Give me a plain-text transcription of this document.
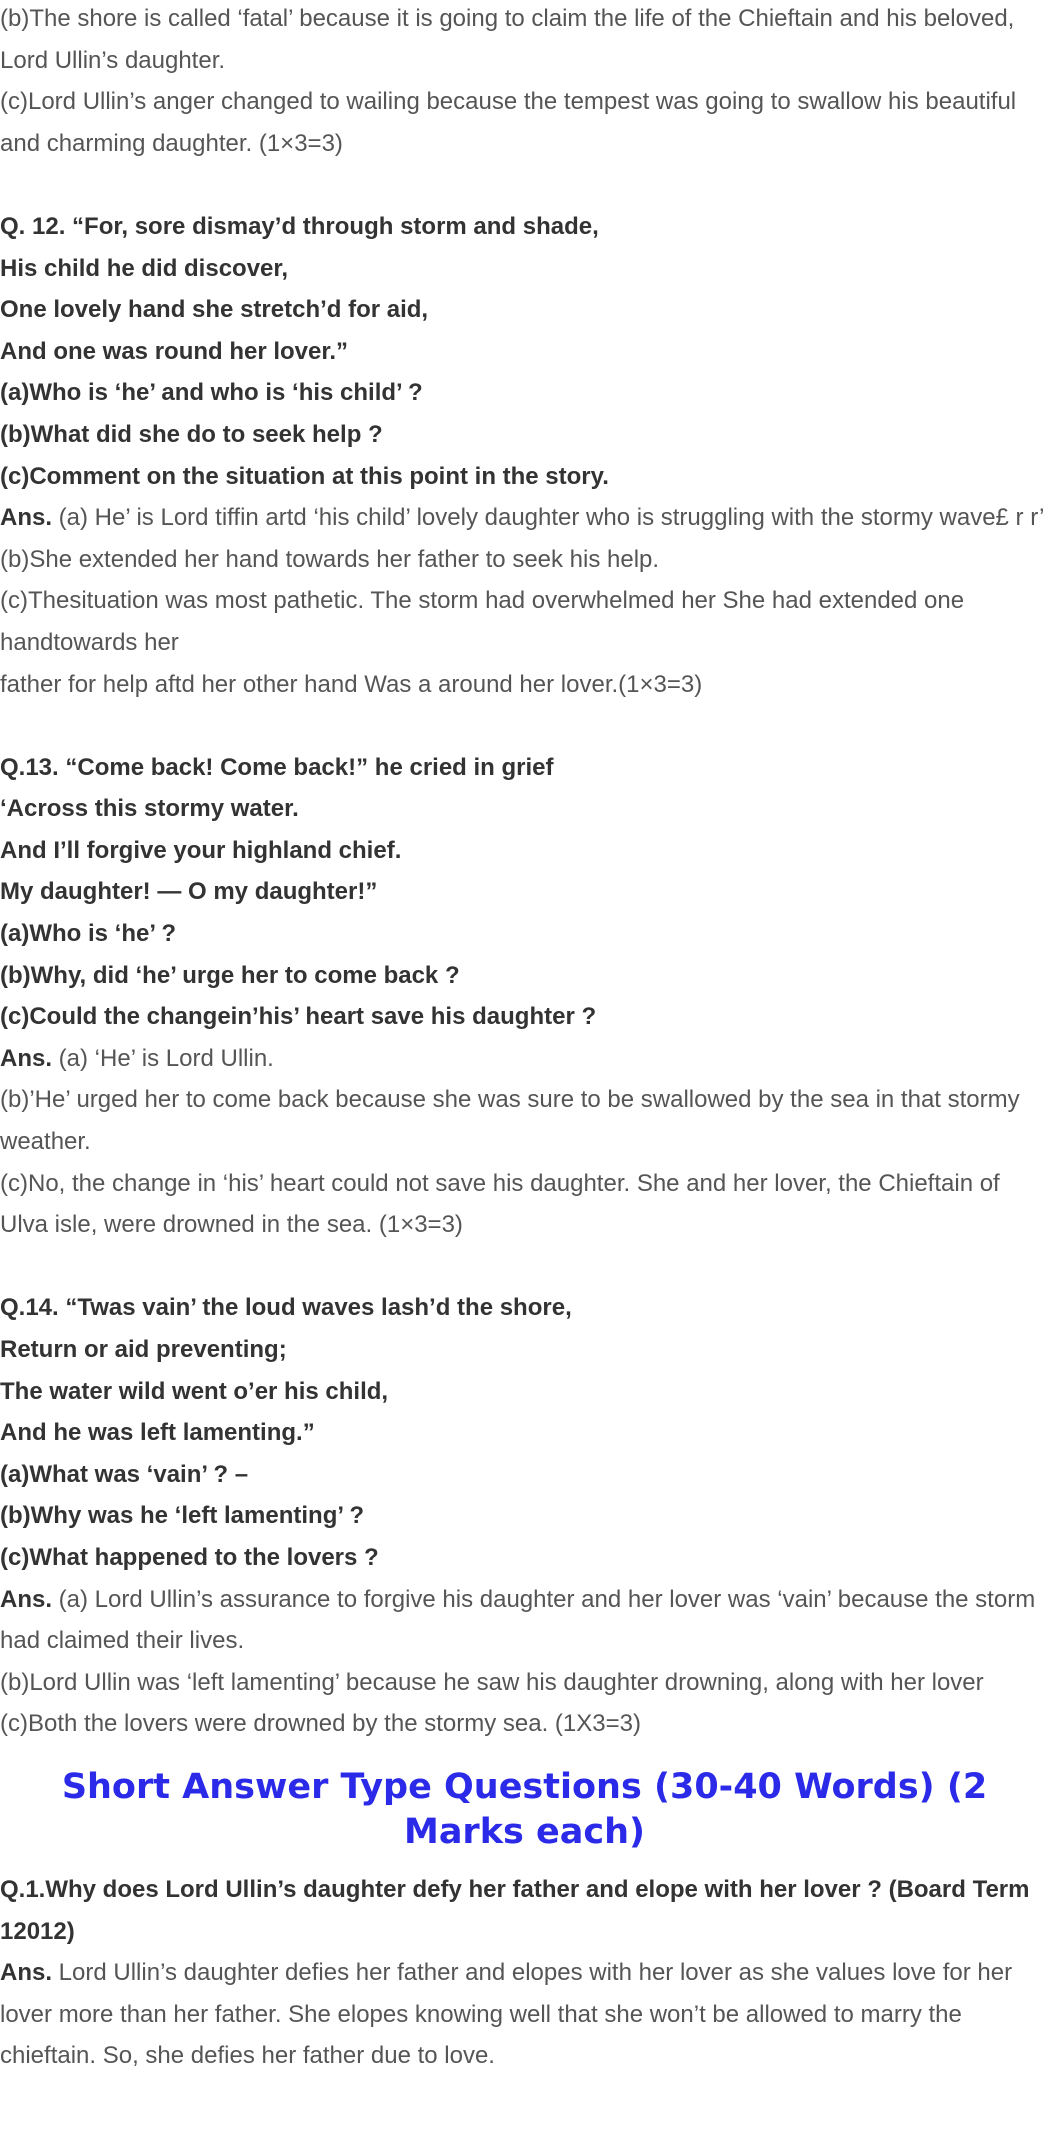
(b)The shore is called ‘fatal’ because it is going to claim the life of the Chieftain and his beloved, Lord Ullin’s daughter.

(c)Lord Ullin’s anger changed to wailing because the tempest was going to swallow his beautiful and charming daughter. (1×3=3)

Q. 12. “For, sore dismay’d through storm and shade,

His child he did discover,

One lovely hand she stretch’d for aid,

And one was round her lover.”

(a)Who is ‘he’ and who is ‘his child’ ?

(b)What did she do to seek help ?

(c)Comment on the situation at this point in the story.

Ans. (a) He’ is Lord tiffin artd ‘his child’ lovely daughter who is struggling with the stormy wave£ r r’

(b)She extended her hand towards her father to seek his help.

(c)Thesituation was most pathetic. The storm had overwhelmed her She had extended one handtowards her

father for help aftd her other hand Was a around her lover.(1×3=3)

Q.13. “Come back! Come back!” he cried in grief

‘Across this stormy water.

And I’ll forgive your highland chief.

My daughter! — O my daughter!”

(a)Who is ‘he’ ?

(b)Why, did ‘he’ urge her to come back ?

(c)Could the changein’his’ heart save his daughter ?

Ans. (a) ‘He’ is Lord Ullin.

(b)’He’ urged her to come back because she was sure to be swallowed by the sea in that stormy weather.

(c)No, the change in ‘his’ heart could not save his daughter. She and her lover, the Chieftain of Ulva isle, were drowned in the sea. (1×3=3)

Q.14. “Twas vain’ the loud waves lash’d the shore,

Return or aid preventing;

The water wild went o’er his child,

And he was left lamenting.”

(a)What was ‘vain’ ? –

(b)Why was he ‘left lamenting’ ?

(c)What happened to the lovers ?

Ans. (a) Lord Ullin’s assurance to forgive his daughter and her lover was ‘vain’ because the storm had claimed their lives.

(b)Lord Ullin was ‘left lamenting’ because he saw his daughter drowning, along with her lover

(c)Both the lovers were drowned by the stormy sea. (1X3=3)

Short Answer Type Questions (30-40 Words) (2 Marks each)

Q.1.Why does Lord Ullin’s daughter defy her father and elope with her lover ? (Board Term 12012)

Ans. Lord Ullin’s daughter defies her father and elopes with her lover as she values love for her lover more than her father. She elopes knowing well that she won’t be allowed to marry the chieftain. So, she defies her father due to love.
